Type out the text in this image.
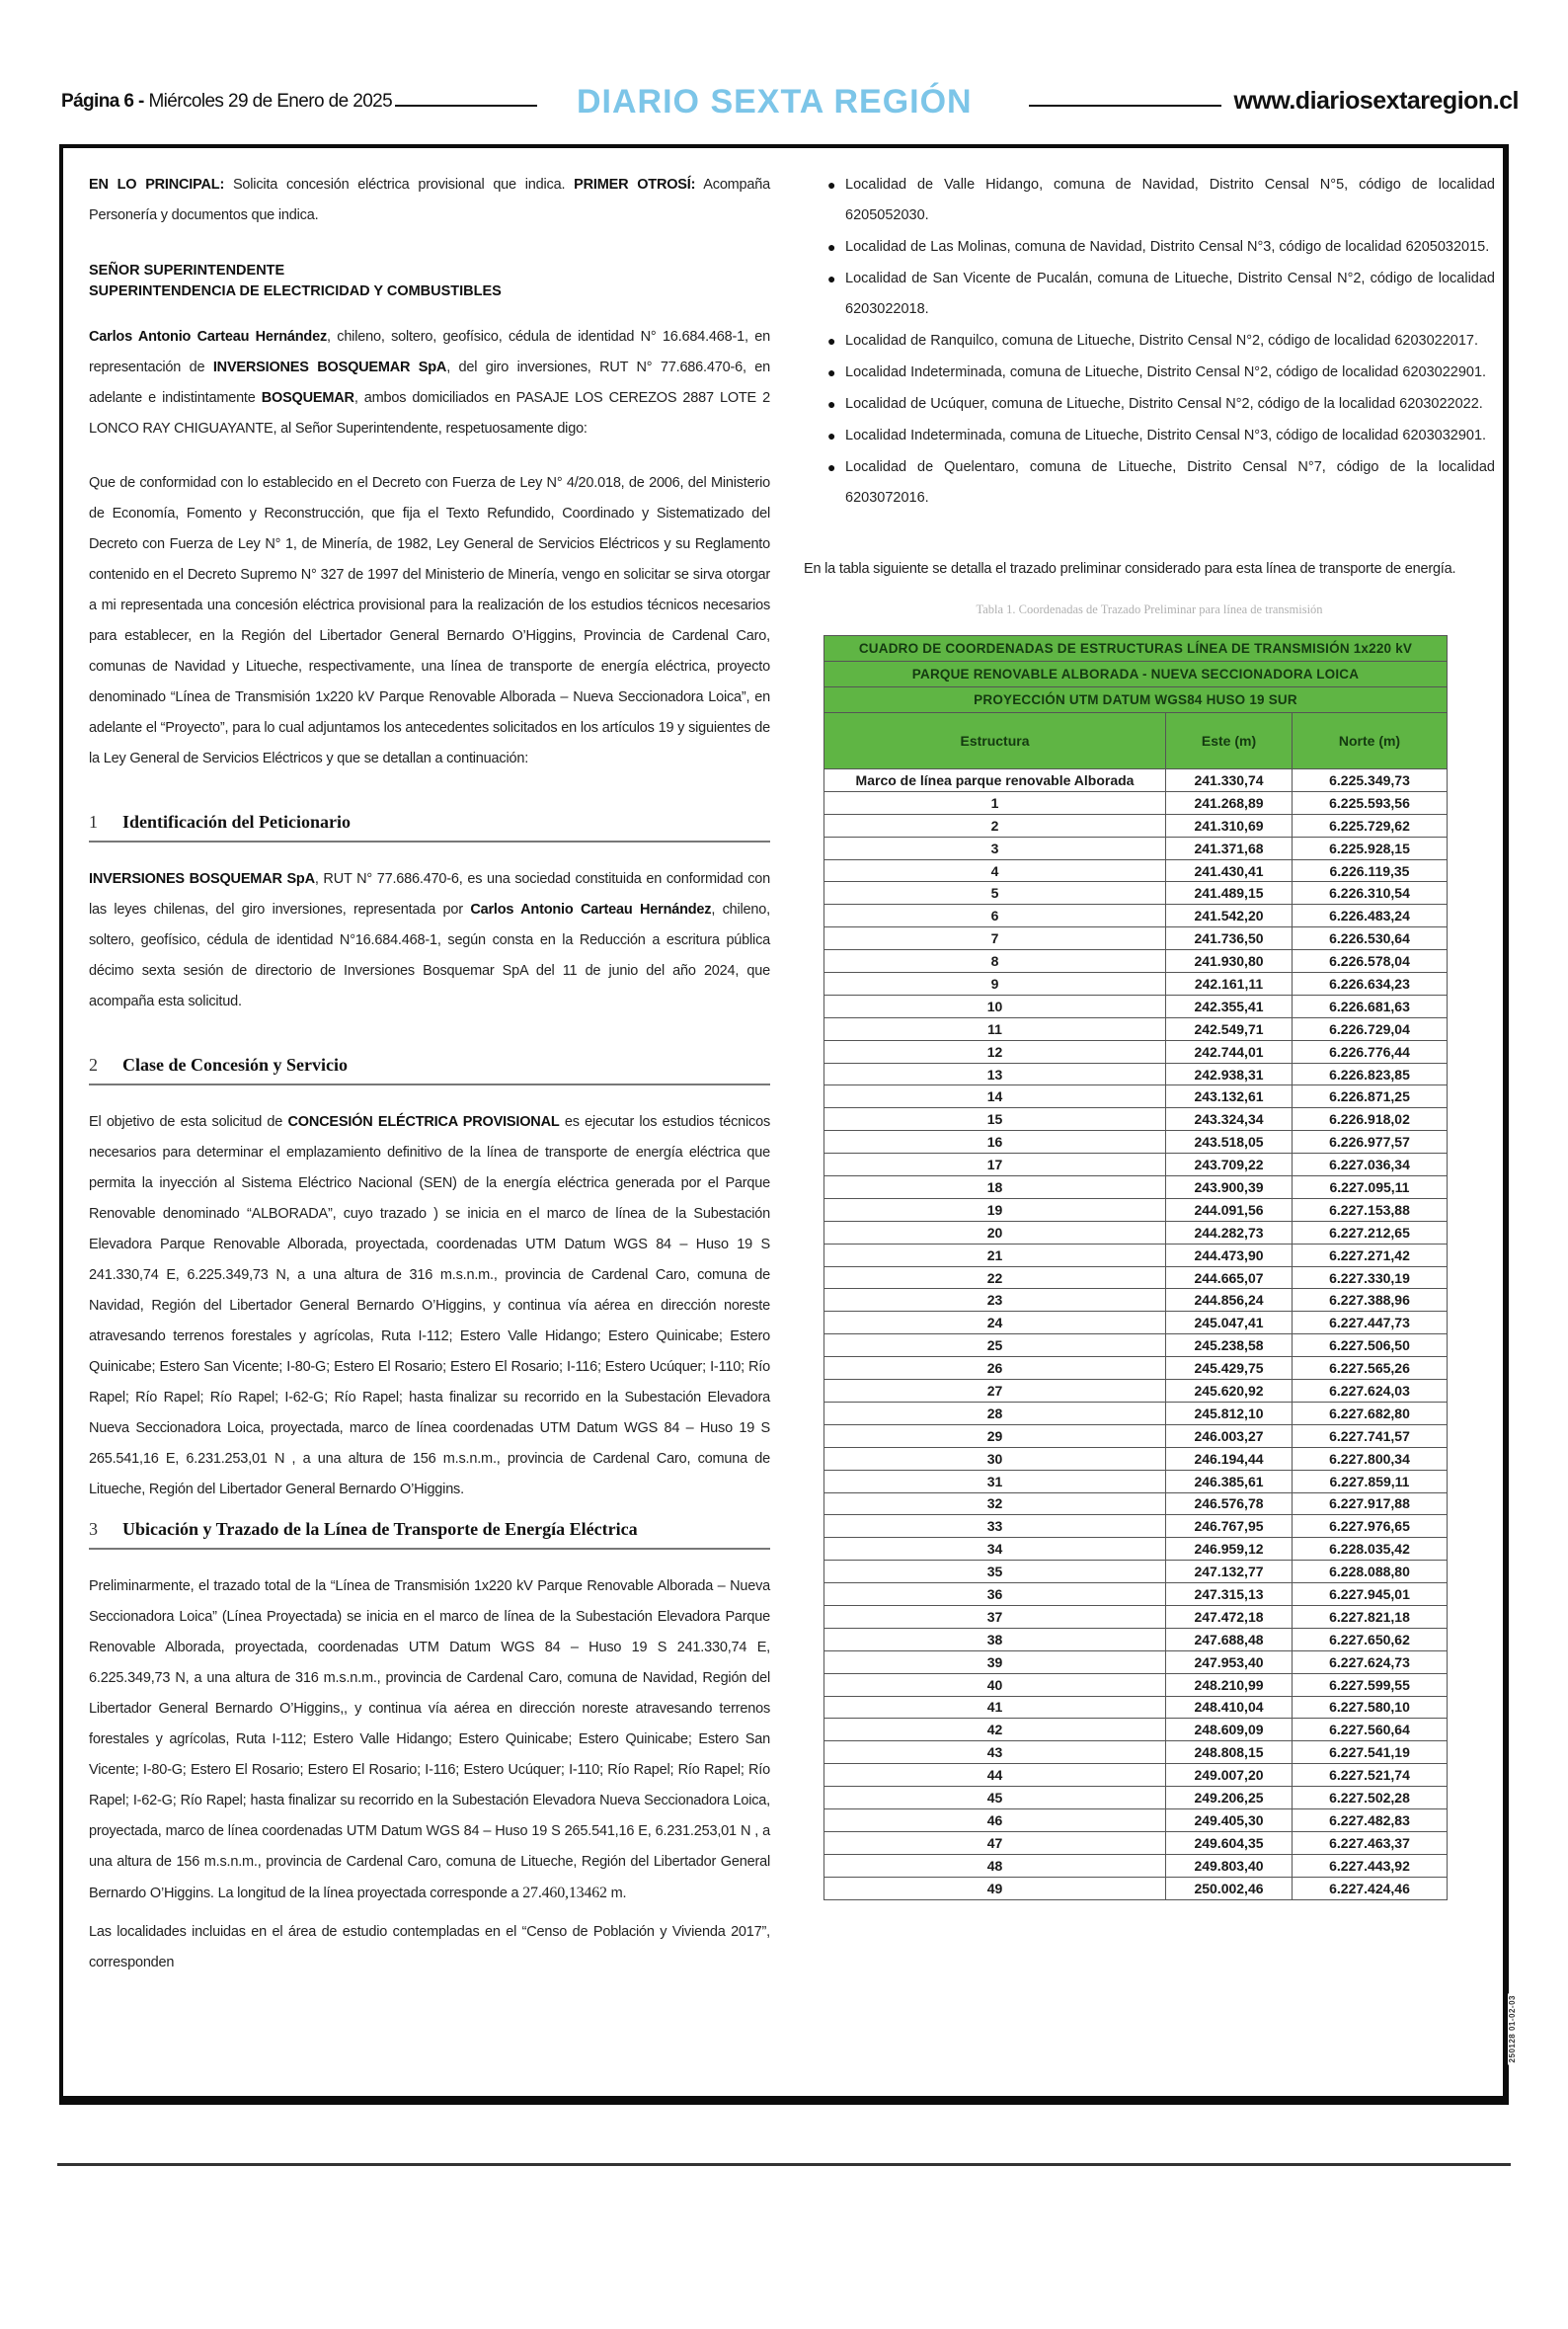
Página 6 - Miércoles 29 de Enero de 2025	DIARIO SEXTA REGIÓN	www.diariosextaregion.cl

EN LO PRINCIPAL: Solicita concesión eléctrica provisional que indica. PRIMER OTROSÍ: Acompaña Personería y documentos que indica.

SEÑOR SUPERINTENDENTE
SUPERINTENDENCIA DE ELECTRICIDAD Y COMBUSTIBLES

Carlos Antonio Carteau Hernández, chileno, soltero, geofísico, cédula de identidad N° 16.684.468-1, en representación de INVERSIONES BOSQUEMAR SpA, del giro inversiones, RUT N° 77.686.470-6, en adelante e indistintamente BOSQUEMAR, ambos domiciliados en PASAJE LOS CEREZOS 2887 LOTE 2 LONCO RAY CHIGUAYANTE, al Señor Superintendente, respetuosamente digo:

Que de conformidad con lo establecido en el Decreto con Fuerza de Ley N° 4/20.018, de 2006, del Ministerio de Economía, Fomento y Reconstrucción, que fija el Texto Refundido, Coordinado y Sistematizado del Decreto con Fuerza de Ley N° 1, de Minería, de 1982, Ley General de Servicios Eléctricos y su Reglamento contenido en el Decreto Supremo N° 327 de 1997 del Ministerio de Minería, vengo en solicitar se sirva otorgar a mi representada una concesión eléctrica provisional para la realización de los estudios técnicos necesarios para establecer, en la Región del Libertador General Bernardo O’Higgins, Provincia de Cardenal Caro, comunas de Navidad y Litueche, respectivamente, una línea de transporte de energía eléctrica, proyecto denominado “Línea de Transmisión 1x220 kV Parque Renovable Alborada – Nueva Seccionadora Loica”, en adelante el “Proyecto”, para lo cual adjuntamos los antecedentes solicitados en los artículos 19 y siguientes de la Ley General de Servicios Eléctricos y que se detallan a continuación:

1	Identificación del Peticionario

INVERSIONES BOSQUEMAR SpA, RUT N° 77.686.470-6, es una sociedad constituida en conformidad con las leyes chilenas, del giro inversiones, representada por Carlos Antonio Carteau Hernández, chileno, soltero, geofísico, cédula de identidad N°16.684.468-1, según consta en la Reducción a escritura pública décimo sexta sesión de directorio de Inversiones Bosquemar SpA del 11 de junio del año 2024, que acompaña esta solicitud.

2	Clase de Concesión y Servicio

El objetivo de esta solicitud de CONCESIÓN ELÉCTRICA PROVISIONAL es ejecutar los estudios técnicos necesarios para determinar el emplazamiento definitivo de la línea de transporte de energía eléctrica que permita la inyección al Sistema Eléctrico Nacional (SEN) de la energía eléctrica generada por el Parque Renovable denominado “ALBORADA”, cuyo trazado ) se inicia en el marco de línea de la Subestación Elevadora Parque Renovable Alborada, proyectada, coordenadas UTM Datum WGS 84 – Huso 19 S 241.330,74 E, 6.225.349,73 N, a una altura de 316 m.s.n.m., provincia de Cardenal Caro, comuna de Navidad, Región del Libertador General Bernardo O’Higgins, y continua vía aérea en dirección noreste atravesando terrenos forestales y agrícolas, Ruta I-112; Estero Valle Hidango; Estero Quinicabe; Estero Quinicabe; Estero San Vicente; I-80-G; Estero El Rosario; Estero El Rosario; I-116; Estero Ucúquer; I-110; Río Rapel; Río Rapel; Río Rapel; I-62-G; Río Rapel; hasta finalizar su recorrido en la Subestación Elevadora Nueva Seccionadora Loica, proyectada, marco de línea coordenadas UTM Datum WGS 84 – Huso 19 S 265.541,16 E, 6.231.253,01 N , a una altura de 156 m.s.n.m., provincia de Cardenal Caro, comuna de Litueche, Región del Libertador General Bernardo O’Higgins.

3	Ubicación y Trazado de la Línea de Transporte de Energía Eléctrica

Preliminarmente, el trazado total de la “Línea de Transmisión 1x220 kV Parque Renovable Alborada – Nueva Seccionadora Loica” (Línea Proyectada) se inicia en el marco de línea de la Subestación Elevadora Parque Renovable Alborada, proyectada, coordenadas UTM Datum WGS 84 – Huso 19 S 241.330,74 E, 6.225.349,73 N, a una altura de 316 m.s.n.m., provincia de Cardenal Caro, comuna de Navidad, Región del Libertador General Bernardo O’Higgins,, y continua vía aérea en dirección noreste atravesando terrenos forestales y agrícolas, Ruta I-112; Estero Valle Hidango; Estero Quinicabe; Estero Quinicabe; Estero San Vicente; I-80-G; Estero El Rosario; Estero El Rosario; I-116; Estero Ucúquer; I-110; Río Rapel; Río Rapel; Río Rapel; I-62-G; Río Rapel; hasta finalizar su recorrido en la Subestación Elevadora Nueva Seccionadora Loica, proyectada, marco de línea coordenadas UTM Datum WGS 84 – Huso 19 S 265.541,16 E, 6.231.253,01 N , a una altura de 156 m.s.n.m., provincia de Cardenal Caro, comuna de Litueche, Región del Libertador General Bernardo O’Higgins. La longitud de la línea proyectada corresponde a 27.460,13462 m.

Las localidades incluidas en el área de estudio contempladas en el “Censo de Población y Vivienda 2017”, corresponden

● Localidad de Valle Hidango, comuna de Navidad, Distrito Censal N°5, código de localidad 6205052030.
● Localidad de Las Molinas, comuna de Navidad, Distrito Censal N°3, código de localidad 6205032015.
● Localidad de San Vicente de Pucalán, comuna de Litueche, Distrito Censal N°2, código de localidad 6203022018.
● Localidad de Ranquilco, comuna de Litueche, Distrito Censal N°2, código de localidad 6203022017.
● Localidad Indeterminada, comuna de Litueche, Distrito Censal N°2, código de localidad 6203022901.
● Localidad de Ucúquer, comuna de Litueche, Distrito Censal N°2, código de la localidad 6203022022.
● Localidad Indeterminada, comuna de Litueche, Distrito Censal N°3, código de localidad 6203032901.
● Localidad de Quelentaro, comuna de Litueche, Distrito Censal N°7, código de la localidad 6203072016.

En la tabla siguiente se detalla el trazado preliminar considerado para esta línea de transporte de energía.

Tabla 1. Coordenadas de Trazado Preliminar para línea de transmisión
CUADRO DE COORDENADAS DE ESTRUCTURAS LÍNEA DE TRANSMISIÓN 1x220 kV		
PARQUE RENOVABLE ALBORADA - NUEVA SECCIONADORA LOICA		
PROYECCIÓN UTM DATUM WGS84 HUSO 19 SUR		
Estructura	Este (m)	Norte (m)
Marco de línea parque renovable Alborada	241.330,74	6.225.349,73
1	241.268,89	6.225.593,56
2	241.310,69	6.225.729,62
3	241.371,68	6.225.928,15
4	241.430,41	6.226.119,35
5	241.489,15	6.226.310,54
6	241.542,20	6.226.483,24
7	241.736,50	6.226.530,64
8	241.930,80	6.226.578,04
9	242.161,11	6.226.634,23
10	242.355,41	6.226.681,63
11	242.549,71	6.226.729,04
12	242.744,01	6.226.776,44
13	242.938,31	6.226.823,85
14	243.132,61	6.226.871,25
15	243.324,34	6.226.918,02
16	243.518,05	6.226.977,57
17	243.709,22	6.227.036,34
18	243.900,39	6.227.095,11
19	244.091,56	6.227.153,88
20	244.282,73	6.227.212,65
21	244.473,90	6.227.271,42
22	244.665,07	6.227.330,19
23	244.856,24	6.227.388,96
24	245.047,41	6.227.447,73
25	245.238,58	6.227.506,50
26	245.429,75	6.227.565,26
27	245.620,92	6.227.624,03
28	245.812,10	6.227.682,80
29	246.003,27	6.227.741,57
30	246.194,44	6.227.800,34
31	246.385,61	6.227.859,11
32	246.576,78	6.227.917,88
33	246.767,95	6.227.976,65
34	246.959,12	6.228.035,42
35	247.132,77	6.228.088,80
36	247.315,13	6.227.945,01
37	247.472,18	6.227.821,18
38	247.688,48	6.227.650,62
39	247.953,40	6.227.624,73
40	248.210,99	6.227.599,55
41	248.410,04	6.227.580,10
42	248.609,09	6.227.560,64
43	248.808,15	6.227.541,19
44	249.007,20	6.227.521,74
45	249.206,25	6.227.502,28
46	249.405,30	6.227.482,83
47	249.604,35	6.227.463,37
48	249.803,40	6.227.443,92
49	250.002,46	6.227.424,46
250128 01-02-03
